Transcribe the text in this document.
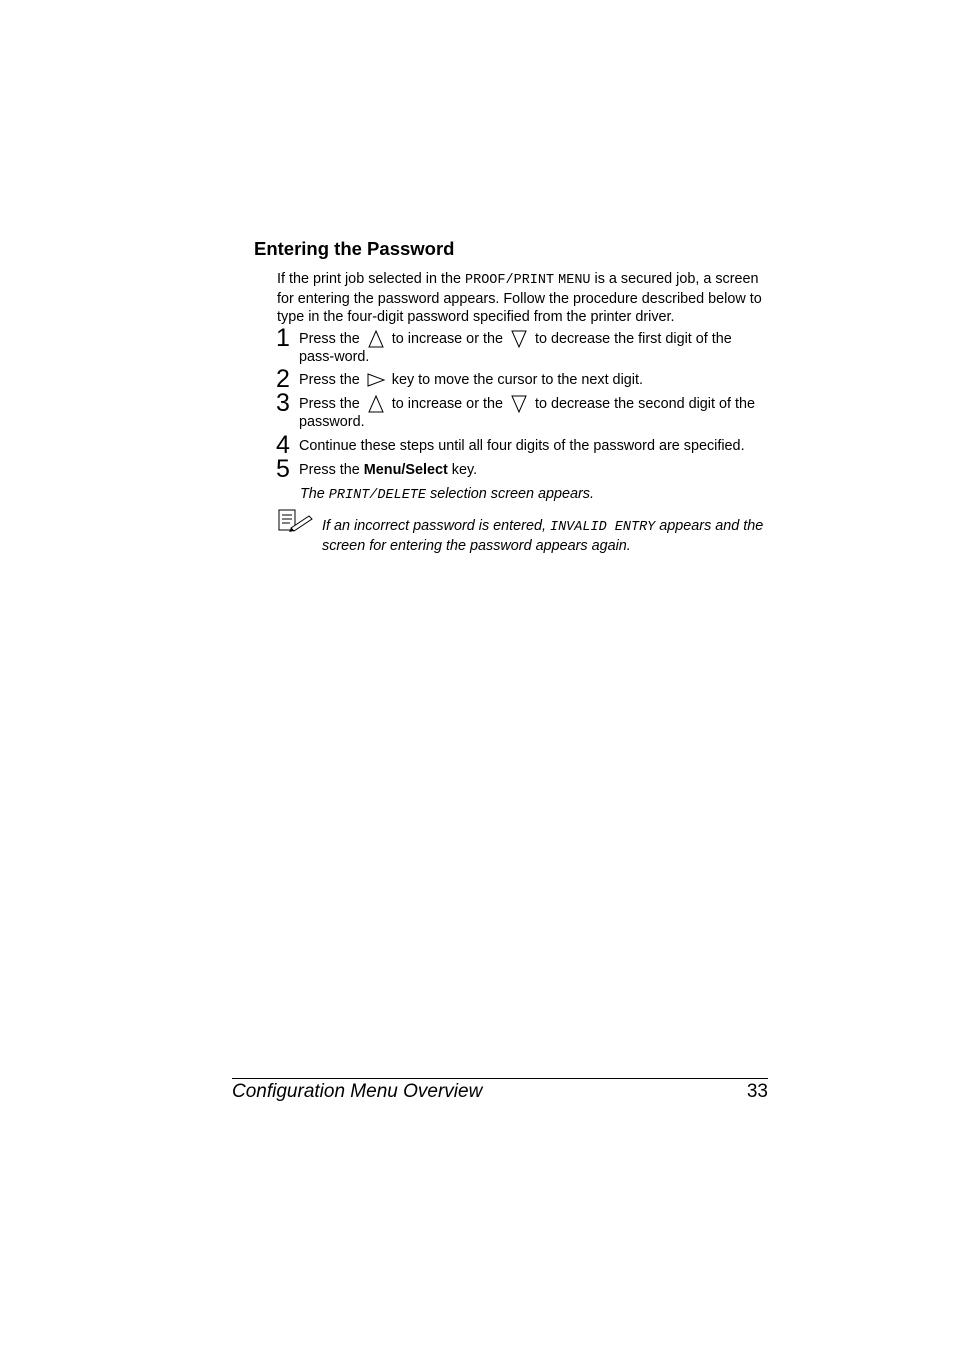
Entering the Password
If the print job selected in the PROOF/PRINT MENU is a secured job, a screen for entering the password appears. Follow the procedure described below to type in the four-digit password specified from the printer driver.
1 Press the
to increase or the
to decrease the first digit of the pass-word.
2 Press the
key to move the cursor to the next digit.
3 Press the
to increase or the
to decrease the second digit of the password.
4 Continue these steps until all four digits of the password are specified.
5 Press the Menu/Select key.
The PRINT/DELETE selection screen appears.
If an incorrect password is entered, INVALID ENTRY appears and the screen for entering the password appears again.
Configuration Menu Overview	33
